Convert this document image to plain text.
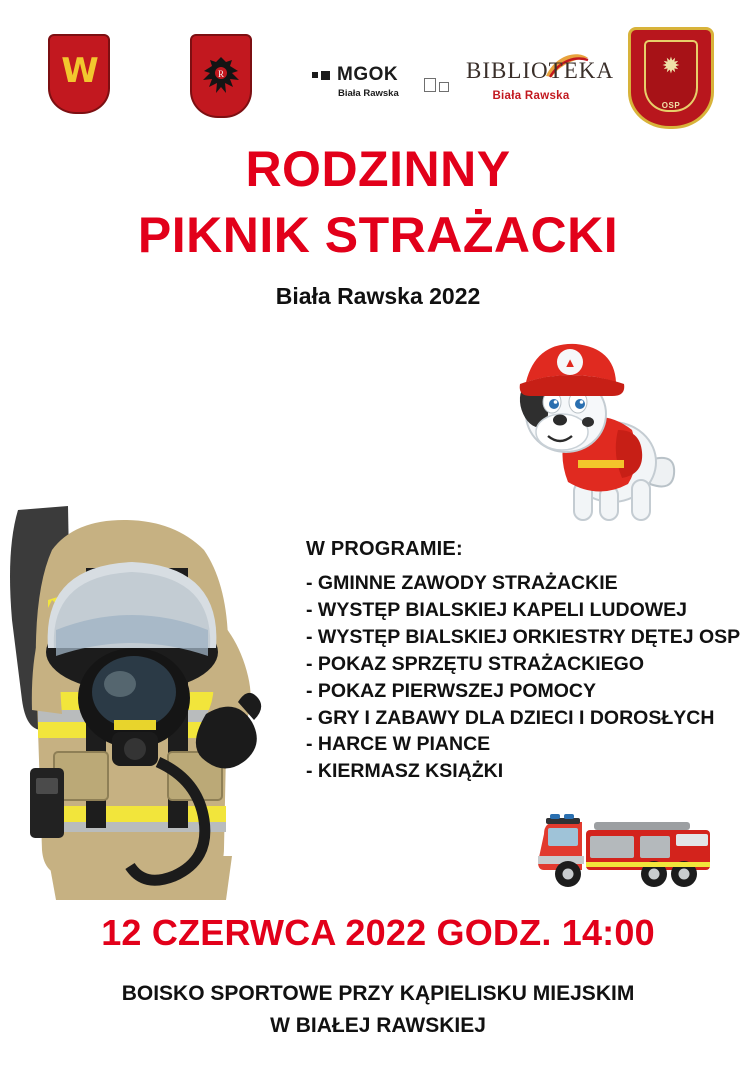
W	R	MGOK
Biała Rawska
BIBLIOTEKA
Biała Rawska
✹
OSP
RODZINNY
PIKNIK STRAŻACKI
Biała Rawska 2022
▲
W PROGRAMIE:
- GMINNE ZAWODY STRAŻACKIE
- WYSTĘP BIALSKIEJ KAPELI LUDOWEJ
- WYSTĘP BIALSKIEJ ORKIESTRY DĘTEJ OSP
- POKAZ SPRZĘTU STRAŻACKIEGO
- POKAZ PIERWSZEJ POMOCY
- GRY I ZABAWY DLA DZIECI I DOROSŁYCH
- HARCE W PIANCE
- KIERMASZ KSIĄŻKI
12 CZERWCA 2022 GODZ. 14:00
BOISKO SPORTOWE PRZY KĄPIELISKU MIEJSKIM
W BIAŁEJ RAWSKIEJ
